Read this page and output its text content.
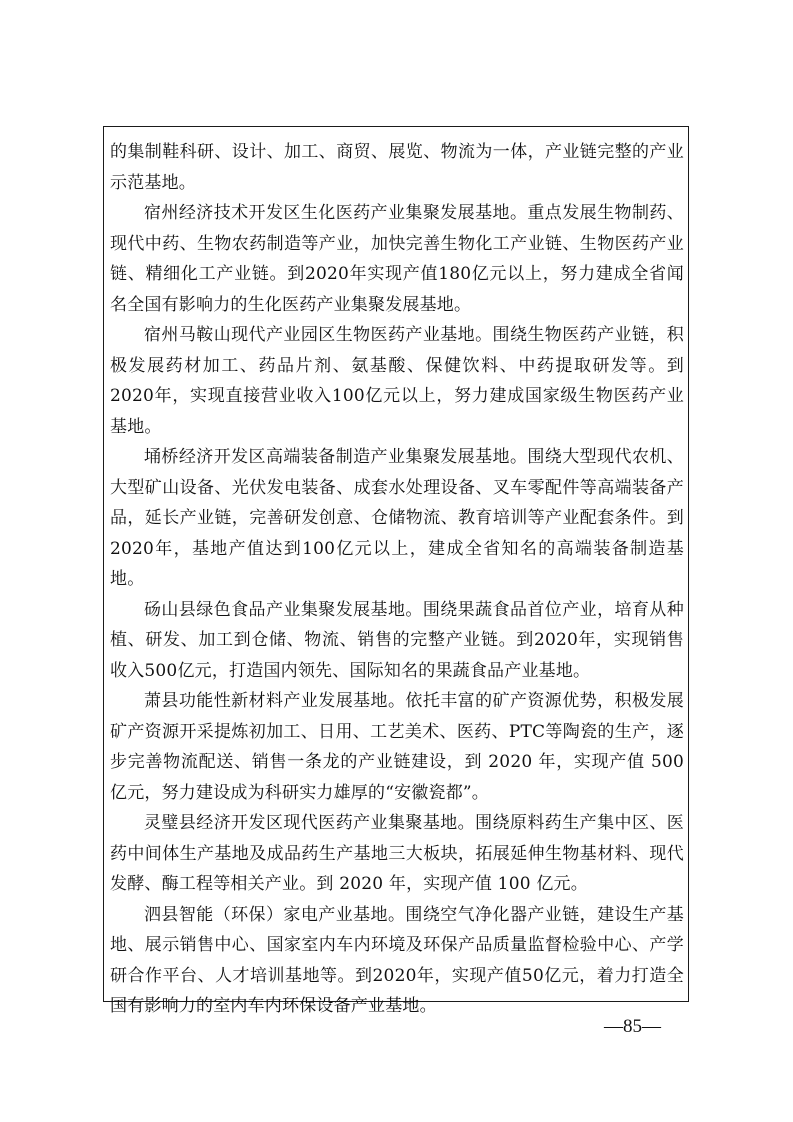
的集制鞋科研、设计、加工、商贸、展览、物流为一体，产业链完整的产业示范基地。

宿州经济技术开发区生化医药产业集聚发展基地。重点发展生物制药、现代中药、生物农药制造等产业，加快完善生物化工产业链、生物医药产业链、精细化工产业链。到2020年实现产值180亿元以上，努力建成全省闻名全国有影响力的生化医药产业集聚发展基地。

宿州马鞍山现代产业园区生物医药产业基地。围绕生物医药产业链，积极发展药材加工、药品片剂、氨基酸、保健饮料、中药提取研发等。到2020年，实现直接营业收入100亿元以上，努力建成国家级生物医药产业基地。

埇桥经济开发区高端装备制造产业集聚发展基地。围绕大型现代农机、大型矿山设备、光伏发电装备、成套水处理设备、叉车零配件等高端装备产品，延长产业链，完善研发创意、仓储物流、教育培训等产业配套条件。到2020年，基地产值达到100亿元以上，建成全省知名的高端装备制造基地。

砀山县绿色食品产业集聚发展基地。围绕果蔬食品首位产业，培育从种植、研发、加工到仓储、物流、销售的完整产业链。到2020年，实现销售收入500亿元，打造国内领先、国际知名的果蔬食品产业基地。

萧县功能性新材料产业发展基地。依托丰富的矿产资源优势，积极发展矿产资源开采提炼初加工、日用、工艺美术、医药、PTC等陶瓷的生产，逐步完善物流配送、销售一条龙的产业链建设，到 2020 年，实现产值 500 亿元，努力建设成为科研实力雄厚的“安徽瓷都”。

灵璧县经济开发区现代医药产业集聚基地。围绕原料药生产集中区、医药中间体生产基地及成品药生产基地三大板块，拓展延伸生物基材料、现代发酵、酶工程等相关产业。到 2020 年，实现产值 100 亿元。

泗县智能（环保）家电产业基地。围绕空气净化器产业链，建设生产基地、展示销售中心、国家室内车内环境及环保产品质量监督检验中心、产学研合作平台、人才培训基地等。到2020年，实现产值50亿元，着力打造全国有影响力的室内车内环保设备产业基地。

—85—
